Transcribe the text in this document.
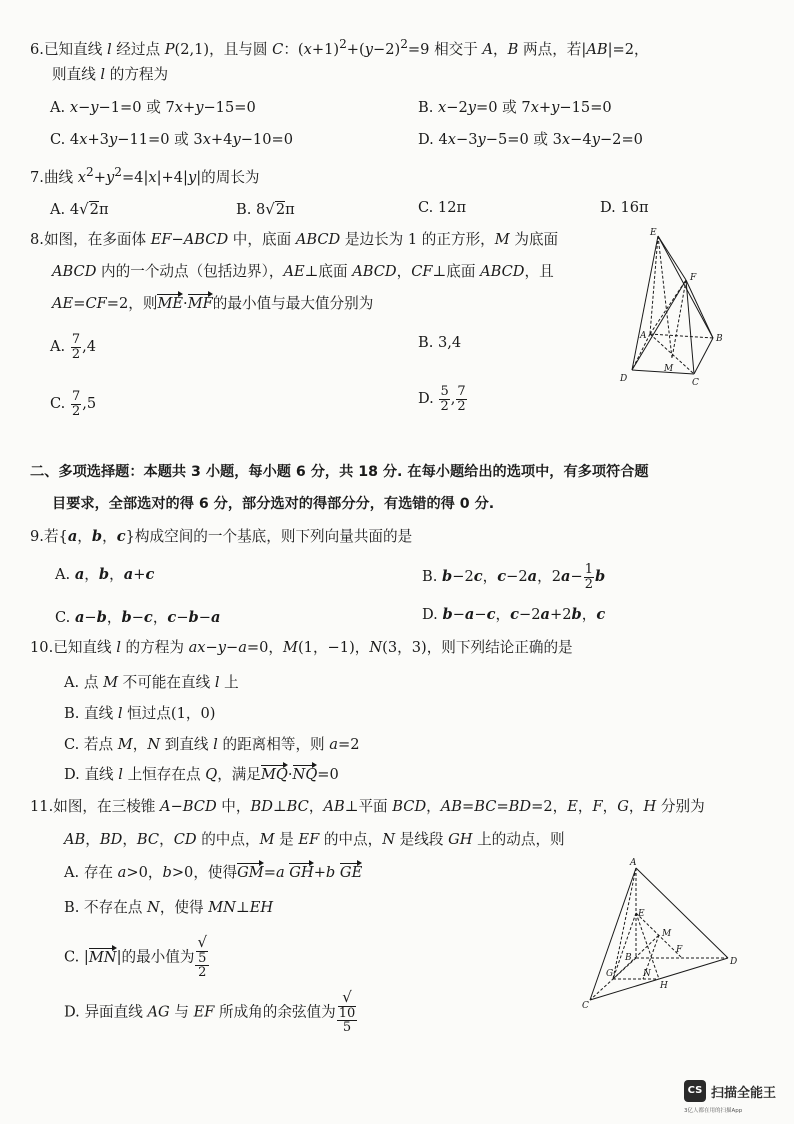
6.已知直线 l 经过点 P(2,1)，且与圆 C：$(x+1)^2+(y-2)^2=9$ 相交于 A，B 两点，若|AB|=2，
则直线 l 的方程为
A. x−y−1=0 或 7x+y−15=0	B. x−2y=0 或 7x+y−15=0
C. 4x+3y−11=0 或 3x+4y−10=0	D. 4x−3y−5=0 或 3x−4y−2=0
7.曲线 $x^2+y^2=4|x|+4|y|$的周长为
A. 4√2π	B. 8√2π	C. 12π	D. 16π
8.如图，在多面体 EF−ABCD 中，底面 ABCD 是边长为 1 的正方形，M 为底面
ABCD 内的一个动点（包括边界），AE⊥底面 ABCD，CF⊥底面 ABCD，且
AE=CF=2，则ME·MF的最小值与最大值分别为
A. $\frac{7}{2} ,4$	B. 3,4
C. $\frac{7}{2} ,5$	D. $\frac{5}{2}$ , $\frac{7}{2}$
E
F
A	B
D
M
C
二、多项选择题：本题共 3 小题，每小题 6 分，共 18 分. 在每小题给出的选项中，有多项符合题
目要求，全部选对的得 6 分，部分选对的得部分分，有选错的得 0 分.
9.若{a，b，c}构成空间的一个基底，则下列向量共面的是
A. a，b，a+c	B. b−2c，c−2a，$2a- \frac{1}{2}$ b
C. a−b，b−c，c−b−a	D. b−a−c，c−2a+2b，c
10.已知直线 l 的方程为 ax−y−a=0，M(1，−1)，N(3，3)，则下列结论正确的是
A. 点 M 不可能在直线 l 上
B. 直线 l 恒过点(1，0)
C. 若点 M，N 到直线 l 的距离相等，则 a=2
D. 直线 l 上恒存在点 Q，满足MQ·NQ=0
11.如图，在三棱锥 A−BCD 中，BD⊥BC，AB⊥平面 BCD，AB=BC=BD=2，E，F，G，H 分别为
AB，BD，BC，CD 的中点，M 是 EF 的中点，N 是线段 GH 上的动点，则
A. 存在 a>0，b>0，使得GM=a GH+b GE
B. 不存在点 N，使得 MN⊥EH
C. |MN|的最小值为 √
5
2
D. 异面直线 AG 与 EF 所成角的余弦值为 √
10
5
A
E
M
B
F
G	N
D
H
C
CS 扫描全能王
3亿人都在用的扫描App
